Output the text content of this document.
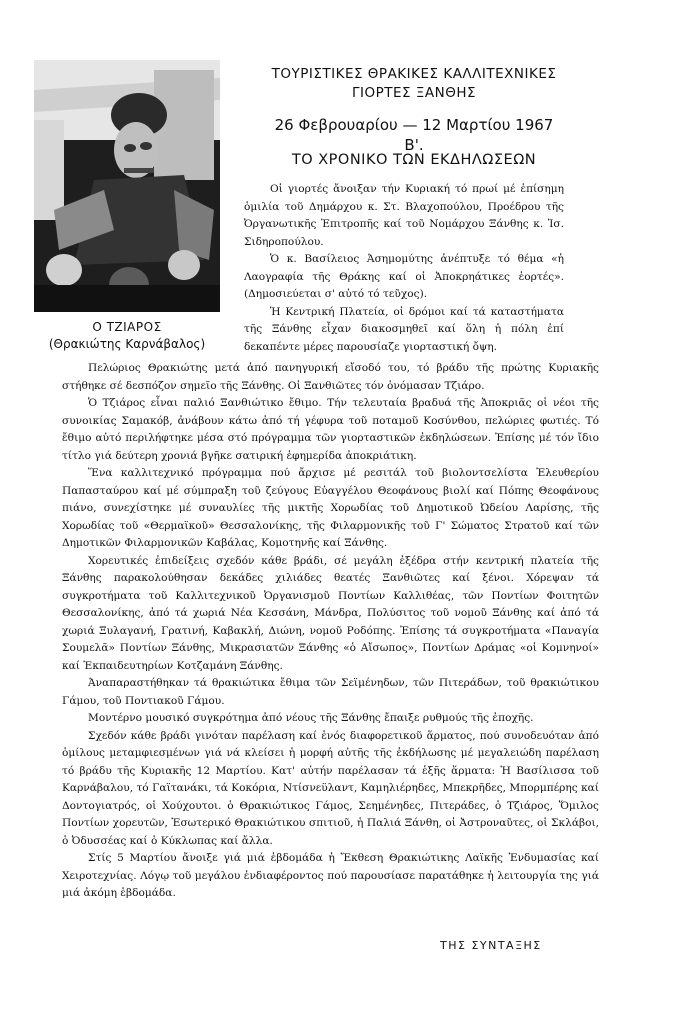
Ο ΤΖΙΑΡΟΣ
(Θρακιώτης Καρνάβαλος)
ΤΟΥΡΙΣΤΙΚΕΣ ΘΡΑΚΙΚΕΣ ΚΑΛΛΙΤΕΧΝΙΚΕΣ
ΓΙΟΡΤΕΣ ΞΑΝΘΗΣ
26 Φεβρουαρίου — 12 Μαρτίου 1967
Β'.
ΤΟ ΧΡΟΝΙΚΟ ΤΩΝ ΕΚΔΗΛΩΣΕΩΝ

Οἱ γιορτές ἄνοιξαν τήν Κυριακή τό πρωί μέ ἐπίσημη ὁμιλία τοῦ Δημάρχου κ. Στ. Βλαχοπούλου, Προέδρου τῆς Ὀργανωτικῆς Ἐπιτροπῆς καί τοῦ Νομάρχου Ξάνθης κ. Ἰσ. Σιδηροπούλου.

Ὁ κ. Βασίλειος Ἀσημομύτης ἀνέπτυξε τό θέμα «ἡ Λαογραφία τῆς Θράκης καί οἱ Ἀποκρηάτικες ἑορτές». (Δημοσιεύεται σ' αὐτό τό τεῦχος).

Ἡ Κεντρική Πλατεία, οἱ δρόμοι καί τά καταστήματα τῆς Ξάνθης εἶχαν διακοσμηθεῖ καί ὅλη ἡ πόλη ἐπί δεκαπέντε μέρες παρουσίαζε γιορταστική ὄψη.

Πελώριος Θρακιώτης μετά ἀπό πανηγυρική εἴσοδό του, τό βράδυ τῆς πρώτης Κυριακῆς στήθηκε σέ δεσπόζον σημεῖο τῆς Ξάνθης. Οἱ Ξανθιῶτες τόν ὀνόμασαν Τζιάρο.

Ὁ Τζιάρος εἶναι παλιό Ξανθιώτικο ἔθιμο. Τήν τελευταία βραδυά τῆς Ἀποκριᾶς οἱ νέοι τῆς συνοικίας Σαμακόβ, ἀνάβουν κάτω ἀπό τή γέφυρα τοῦ ποταμοῦ Κοσύνθου, πελώριες φωτιές. Τό ἔθιμο αὐτό περιλήφτηκε μέσα στό πρόγραμμα τῶν γιορταστικῶν ἐκδηλώσεων. Ἐπίσης μέ τόν ἴδιο τίτλο γιά δεύτερη χρονιά βγῆκε σατιρική ἐφημερίδα ἀποκριάτικη.

Ἕνα καλλιτεχνικό πρόγραμμα πού ἄρχισε μέ ρεσιτάλ τοῦ βιολοντσελίστα Ἐλευθερίου Παπασταύρου καί μέ σύμπραξη τοῦ ζεύγους Εὐαγγέλου Θεοφάνους βιολί καί Πόπης Θεοφάνους πιάνο, συνεχίστηκε μέ συναυλίες τῆς μικτῆς Χορωδίας τοῦ Δημοτικοῦ Ὠδείου Λαρίσης, τῆς Χορωδίας τοῦ «Θερμαϊκοῦ» Θεσσαλονίκης, τῆς Φιλαρμονικῆς τοῦ Γ' Σώματος Στρατοῦ καί τῶν Δημοτικῶν Φιλαρμονικῶν Καβάλας, Κομοτηνῆς καί Ξάνθης.

Χορευτικές ἐπιδείξεις σχεδόν κάθε βράδι, σέ μεγάλη ἐξέδρα στήν κεντρική πλατεία τῆς Ξάνθης παρακολούθησαν δεκάδες χιλιάδες θεατές Ξανθιῶτες καί ξένοι. Χόρεψαν τά συγκροτήματα τοῦ Καλλιτεχνικοῦ Ὀργανισμοῦ Ποντίων Καλλιθέας, τῶν Ποντίων Φοιτητῶν Θεσσαλονίκης, ἀπό τά χωριά Νέα Κεσσάνη, Μάνδρα, Πολύσιτος τοῦ νομοῦ Ξάνθης καί ἀπό τά χωριά Ξυλαγανή, Γρατινή, Καβακλή, Διώνη, νομοῦ Ροδόπης. Ἐπίσης τά συγκροτήματα «Παναγία Σουμελᾶ» Ποντίων Ξάνθης, Μικρασιατῶν Ξάνθης «ὁ Αἴσωπος», Ποντίων Δράμας «οἱ Κομνηνοί» καί Ἐκπαιδευτηρίων Κοτζαμάνη Ξάνθης.

Ἀναπαραστήθηκαν τά θρακιώτικα ἔθιμα τῶν Σεϊμένηδων, τῶν Πιτεράδων, τοῦ θρακιώτικου Γάμου, τοῦ Ποντιακοῦ Γάμου.

Μοντέρνο μουσικό συγκρότημα ἀπό νέους τῆς Ξάνθης ἔπαιξε ρυθμούς τῆς ἐποχῆς.

Σχεδόν κάθε βράδι γινόταν παρέλαση καί ἑνός διαφορετικοῦ ἅρματος, πού συνοδευόταν ἀπό ὁμίλους μεταμφιεσμένων γιά νά κλείσει ἡ μορφή αὐτῆς τῆς ἐκδήλωσης μέ μεγαλειώδη παρέλαση τό βράδυ τῆς Κυριακῆς 12 Μαρτίου. Κατ' αὐτήν παρέλασαν τά ἑξῆς ἅρματα: Ἡ Βασίλισσα τοῦ Καρνάβαλου, τό Γαϊτανάκι, τά Κοκόρια, Ντίσνεϋλαντ, Καμηλιέρηδες, Μπεκρῆδες, Μπορμπέρης καί Δοντογιατρός, οἱ Χούχουτοι. ὁ Θρακιώτικος Γάμος, Σεημένηδες, Πιτεράδες, ὁ Τζιάρος, Ὅμιλος Ποντίων χορευτῶν, Ἐσωτερικό Θρακιώτικου σπιτιοῦ, ἡ Παλιά Ξάνθη, οἱ Ἀστροναῦτες, οἱ Σκλάβοι, ὁ Ὀδυσσέας καί ὁ Κύκλωπας καί ἄλλα.

Στίς 5 Μαρτίου ἄνοιξε γιά μιά ἑβδομάδα ἡ Ἔκθεση Θρακιώτικης Λαϊκῆς Ἐνδυμασίας καί Χειροτεχνίας. Λόγῳ τοῦ μεγάλου ἐνδιαφέροντος πού παρουσίασε παρατάθηκε ἡ λειτουργία της γιά μιά ἀκόμη ἑβδομάδα.

ΤΗΣ ΣΥΝΤΑΞΗΣ
